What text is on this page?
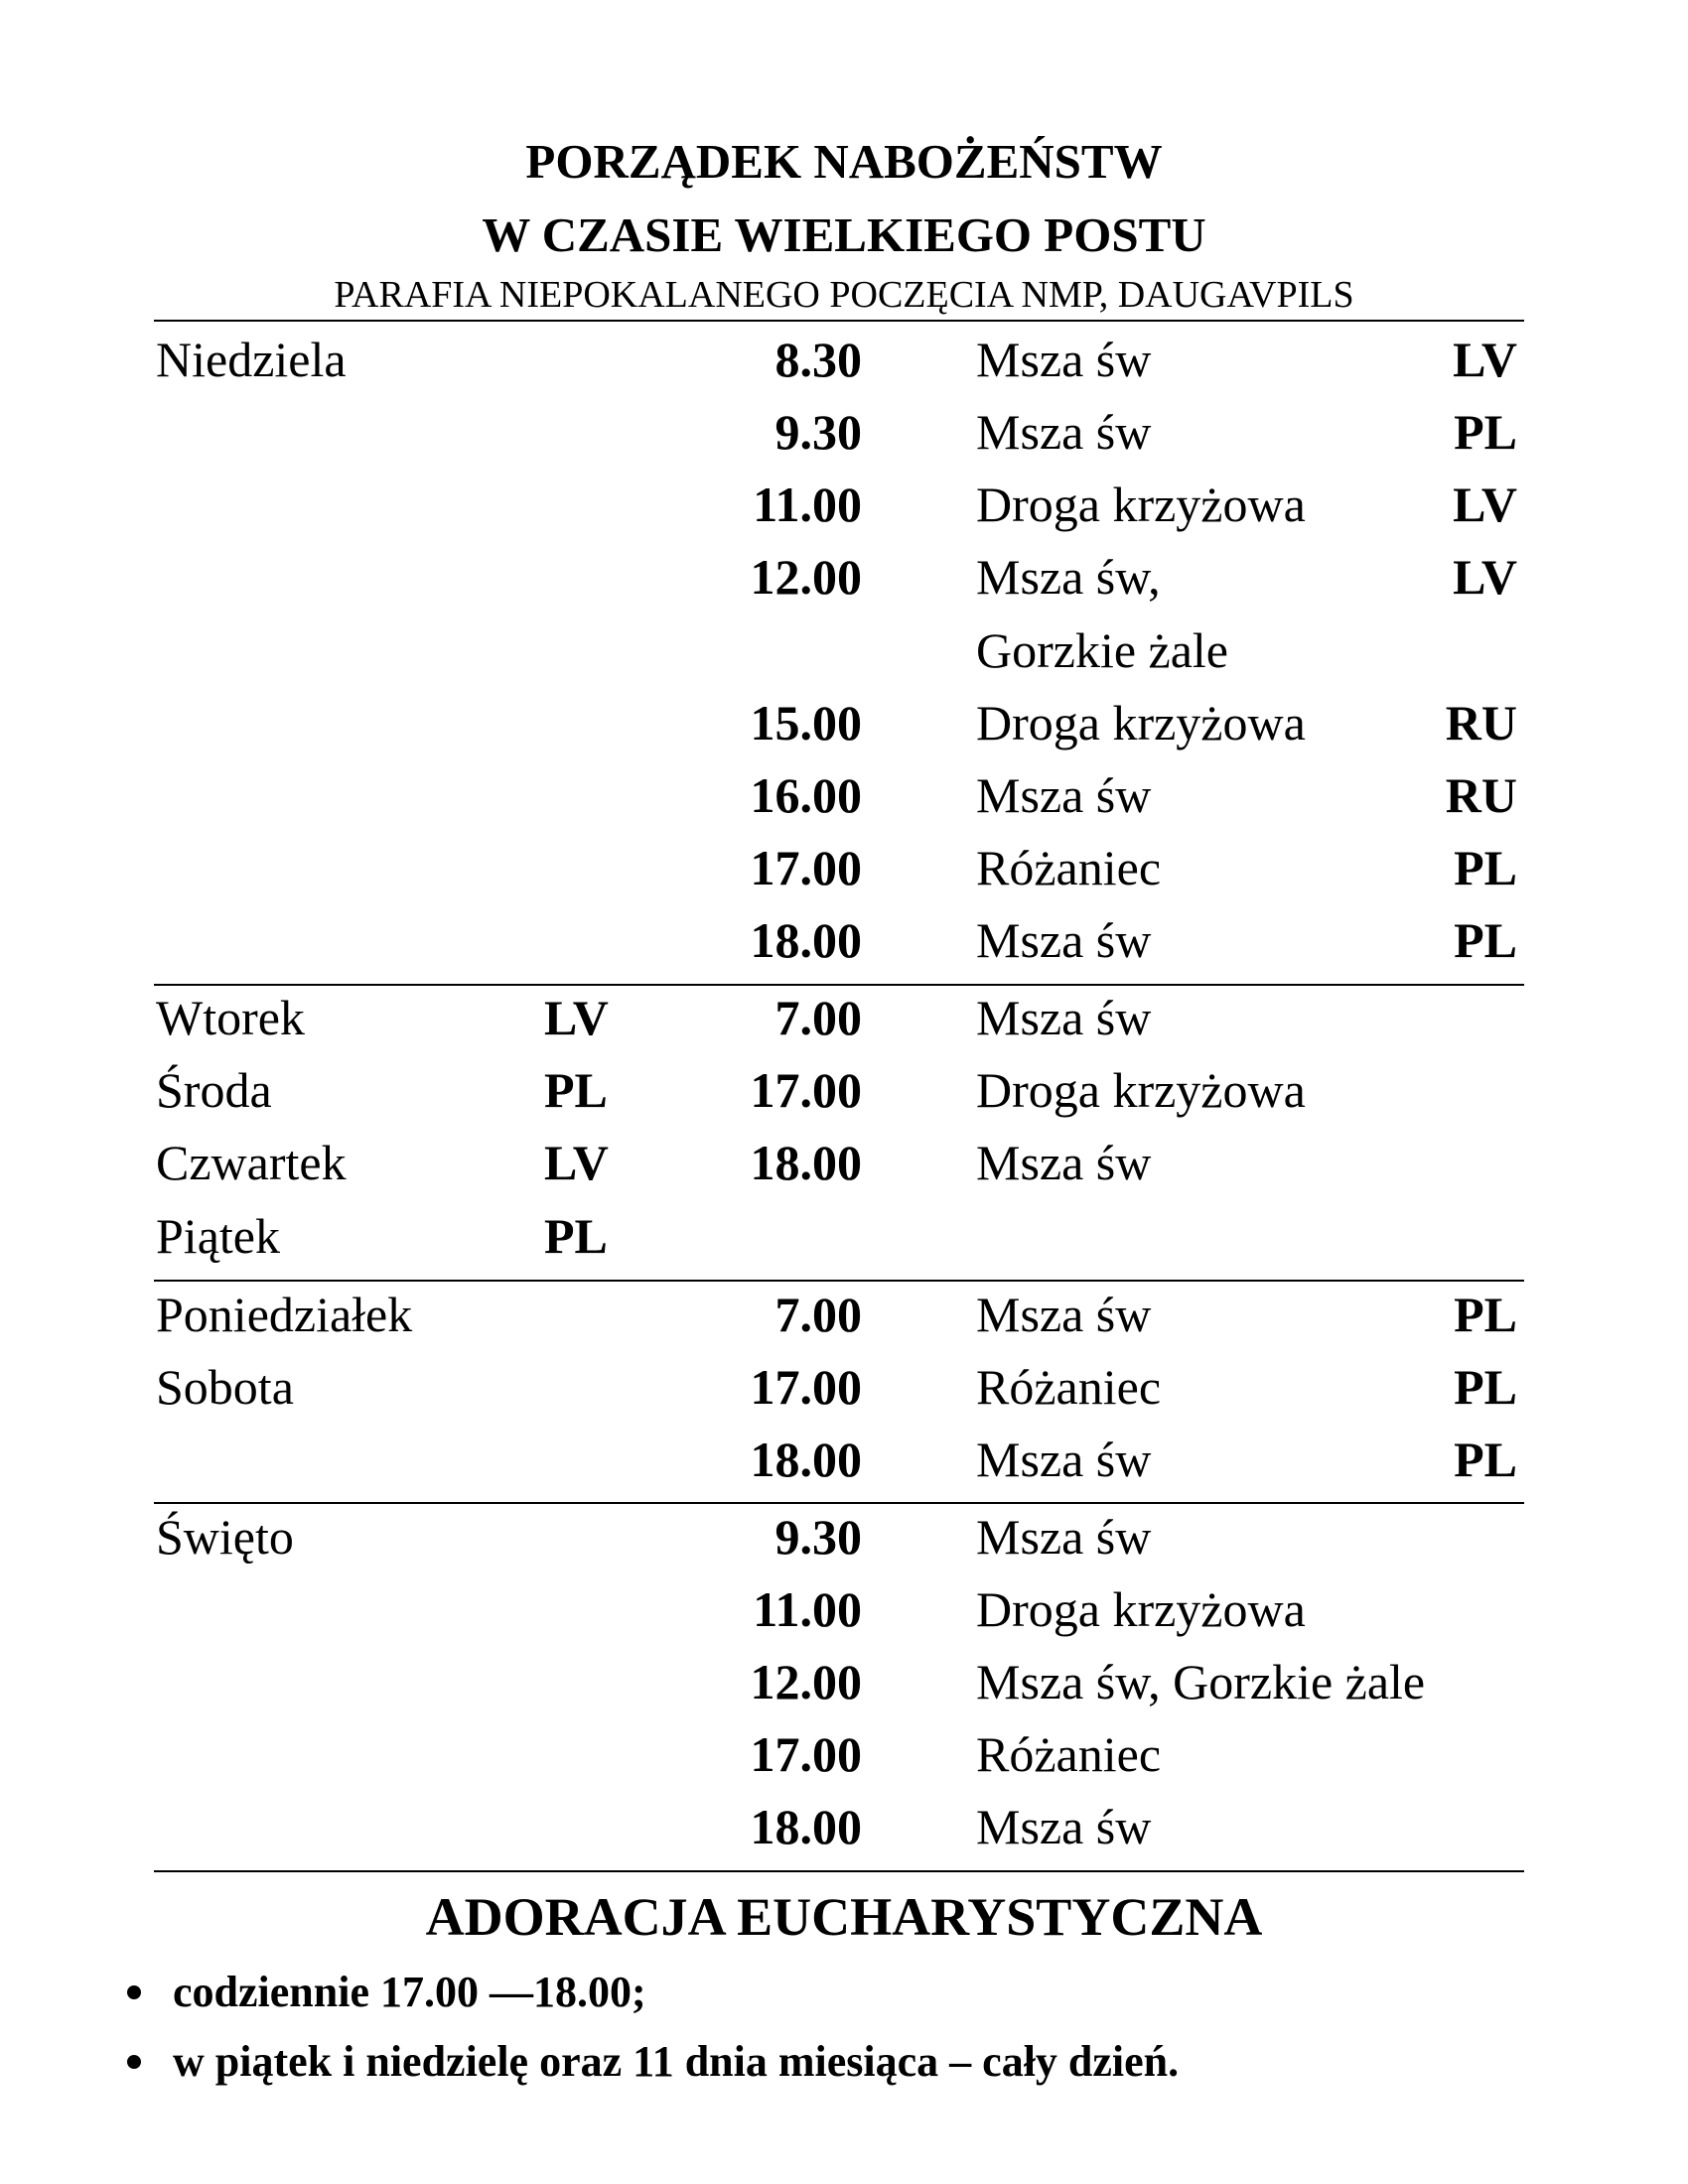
PORZĄDEK NABOŻEŃSTW
W CZASIE WIELKIEGO POSTU
PARAFIA NIEPOKALANEGO POCZĘCIA NMP, DAUGAVPILS
Niedziela	8.30 Msza św	LV
9.30 Msza św	PL
11.00 Droga krzyżowa	LV
12.00 Msza św,	LV
Gorzkie żale
15.00 Droga krzyżowa	RU
16.00 Msza św	RU
17.00 Różaniec	PL
18.00 Msza św	PL
Wtorek	LV	7.00 Msza św
Środa	PL	17.00 Droga krzyżowa
Czwartek	LV	18.00 Msza św
Piątek	PL
Poniedziałek	7.00 Msza św	PL
Sobota	17.00 Różaniec	PL
18.00 Msza św	PL
Święto	9.30 Msza św
11.00 Droga krzyżowa
12.00 Msza św, Gorzkie żale
17.00 Różaniec
18.00 Msza św
ADORACJA EUCHARYSTYCZNA
codziennie 17.00 —18.00;
w piątek i niedzielę oraz 11 dnia miesiąca – cały dzień.
